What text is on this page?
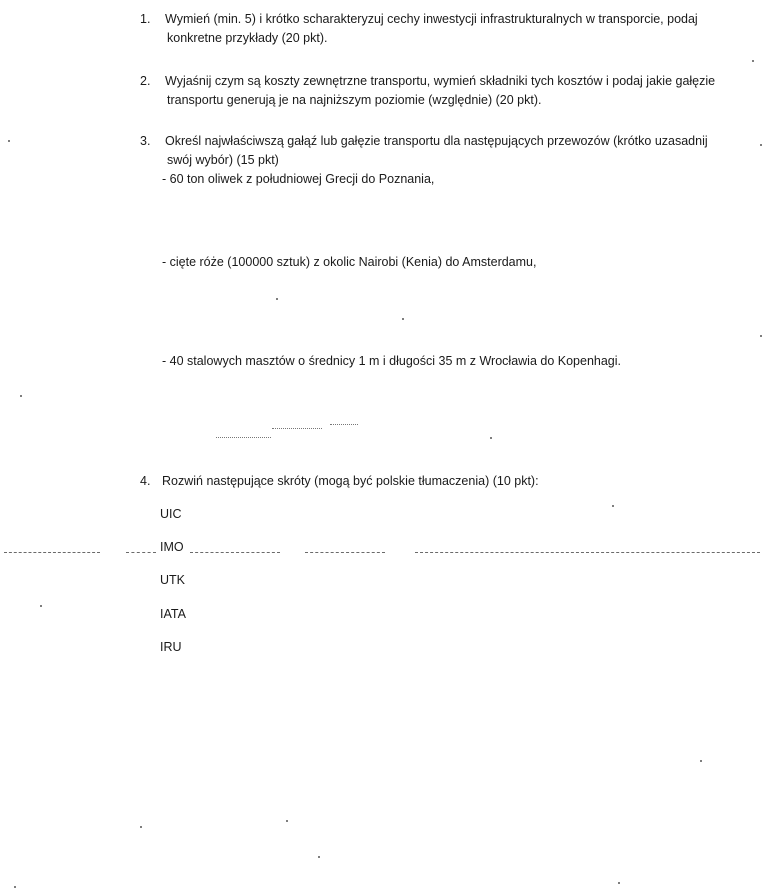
1.	Wymień (min. 5) i krótko scharakteryzuj cechy inwestycji infrastrukturalnych w transporcie, podaj
konkretne przykłady (20 pkt).
2.	Wyjaśnij czym są koszty zewnętrzne transportu, wymień składniki tych kosztów i podaj jakie gałęzie
transportu generują je na najniższym poziomie (względnie) (20 pkt).
3.	Określ najwłaściwszą gałąź lub gałęzie transportu dla następujących przewozów (krótko uzasadnij
swój wybór) (15 pkt)
- 60 ton oliwek z południowej Grecji do Poznania,
- cięte róże (100000 sztuk) z okolic Nairobi (Kenia) do Amsterdamu,
- 40 stalowych masztów o średnicy 1 m i długości 35 m z Wrocławia do Kopenhagi.
4. Rozwiń następujące skróty (mogą być polskie tłumaczenia) (10 pkt):
UIC
IMO
UTK
IATA
IRU
